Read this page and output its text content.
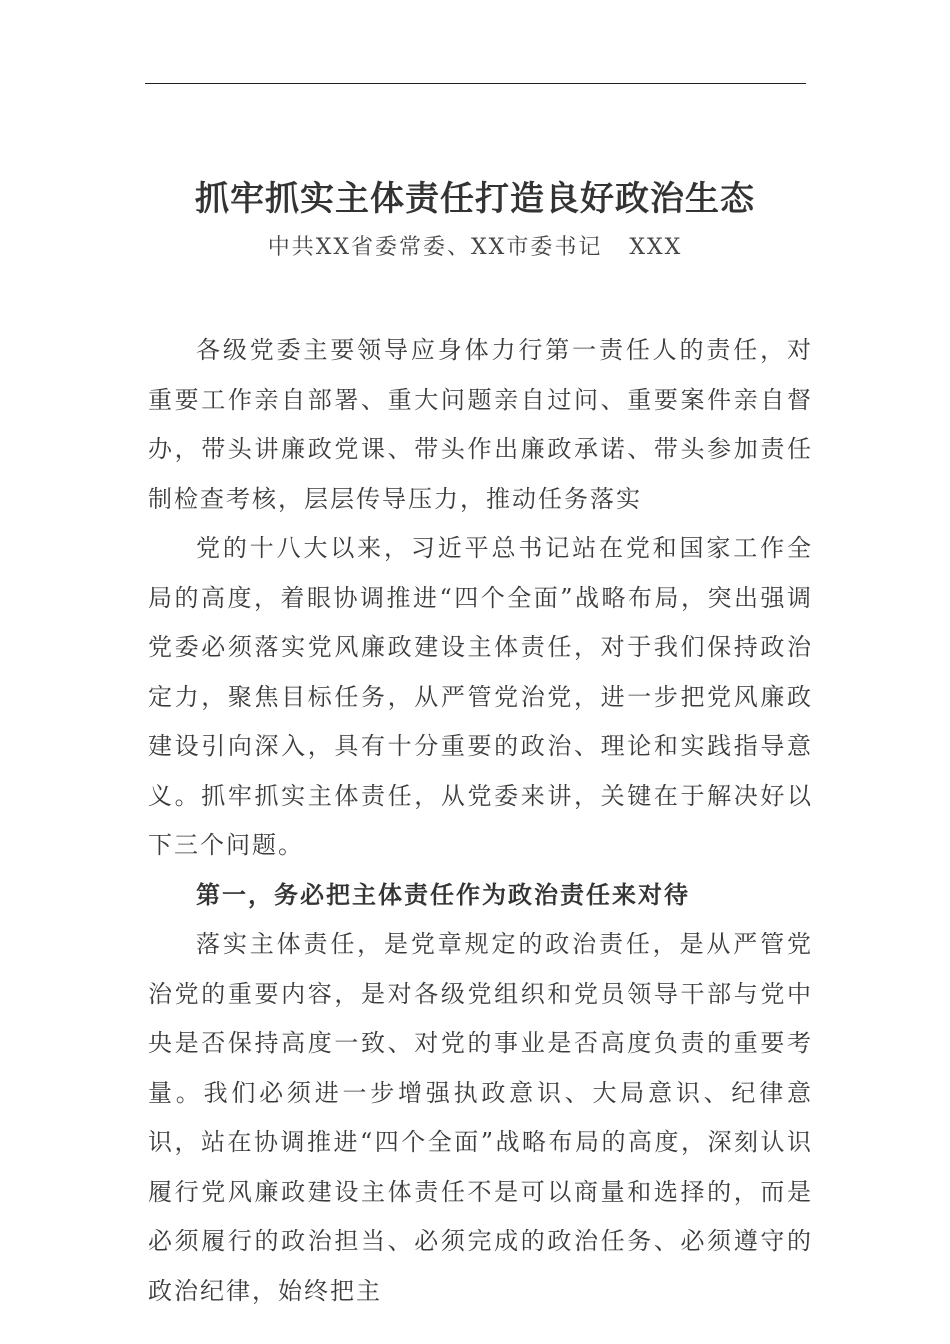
抓牢抓实主体责任打造良好政治生态
中共XX省委常委、XX市委书记   XXX

各级党委主要领导应身体力行第一责任人的责任，对重要工作亲自部署、重大问题亲自过问、重要案件亲自督办，带头讲廉政党课、带头作出廉政承诺、带头参加责任制检查考核，层层传导压力，推动任务落实

党的十八大以来，习近平总书记站在党和国家工作全局的高度，着眼协调推进“四个全面”战略布局，突出强调党委必须落实党风廉政建设主体责任，对于我们保持政治定力，聚焦目标任务，从严管党治党，进一步把党风廉政建设引向深入，具有十分重要的政治、理论和实践指导意义。抓牢抓实主体责任，从党委来讲，关键在于解决好以下三个问题。

第一，务必把主体责任作为政治责任来对待

落实主体责任，是党章规定的政治责任，是从严管党治党的重要内容，是对各级党组织和党员领导干部与党中央是否保持高度一致、对党的事业是否高度负责的重要考量。我们必须进一步增强执政意识、大局意识、纪律意识，站在协调推进“四个全面”战略布局的高度，深刻认识履行党风廉政建设主体责任不是可以商量和选择的，而是必须履行的政治担当、必须完成的政治任务、必须遵守的政治纪律，始终把主
